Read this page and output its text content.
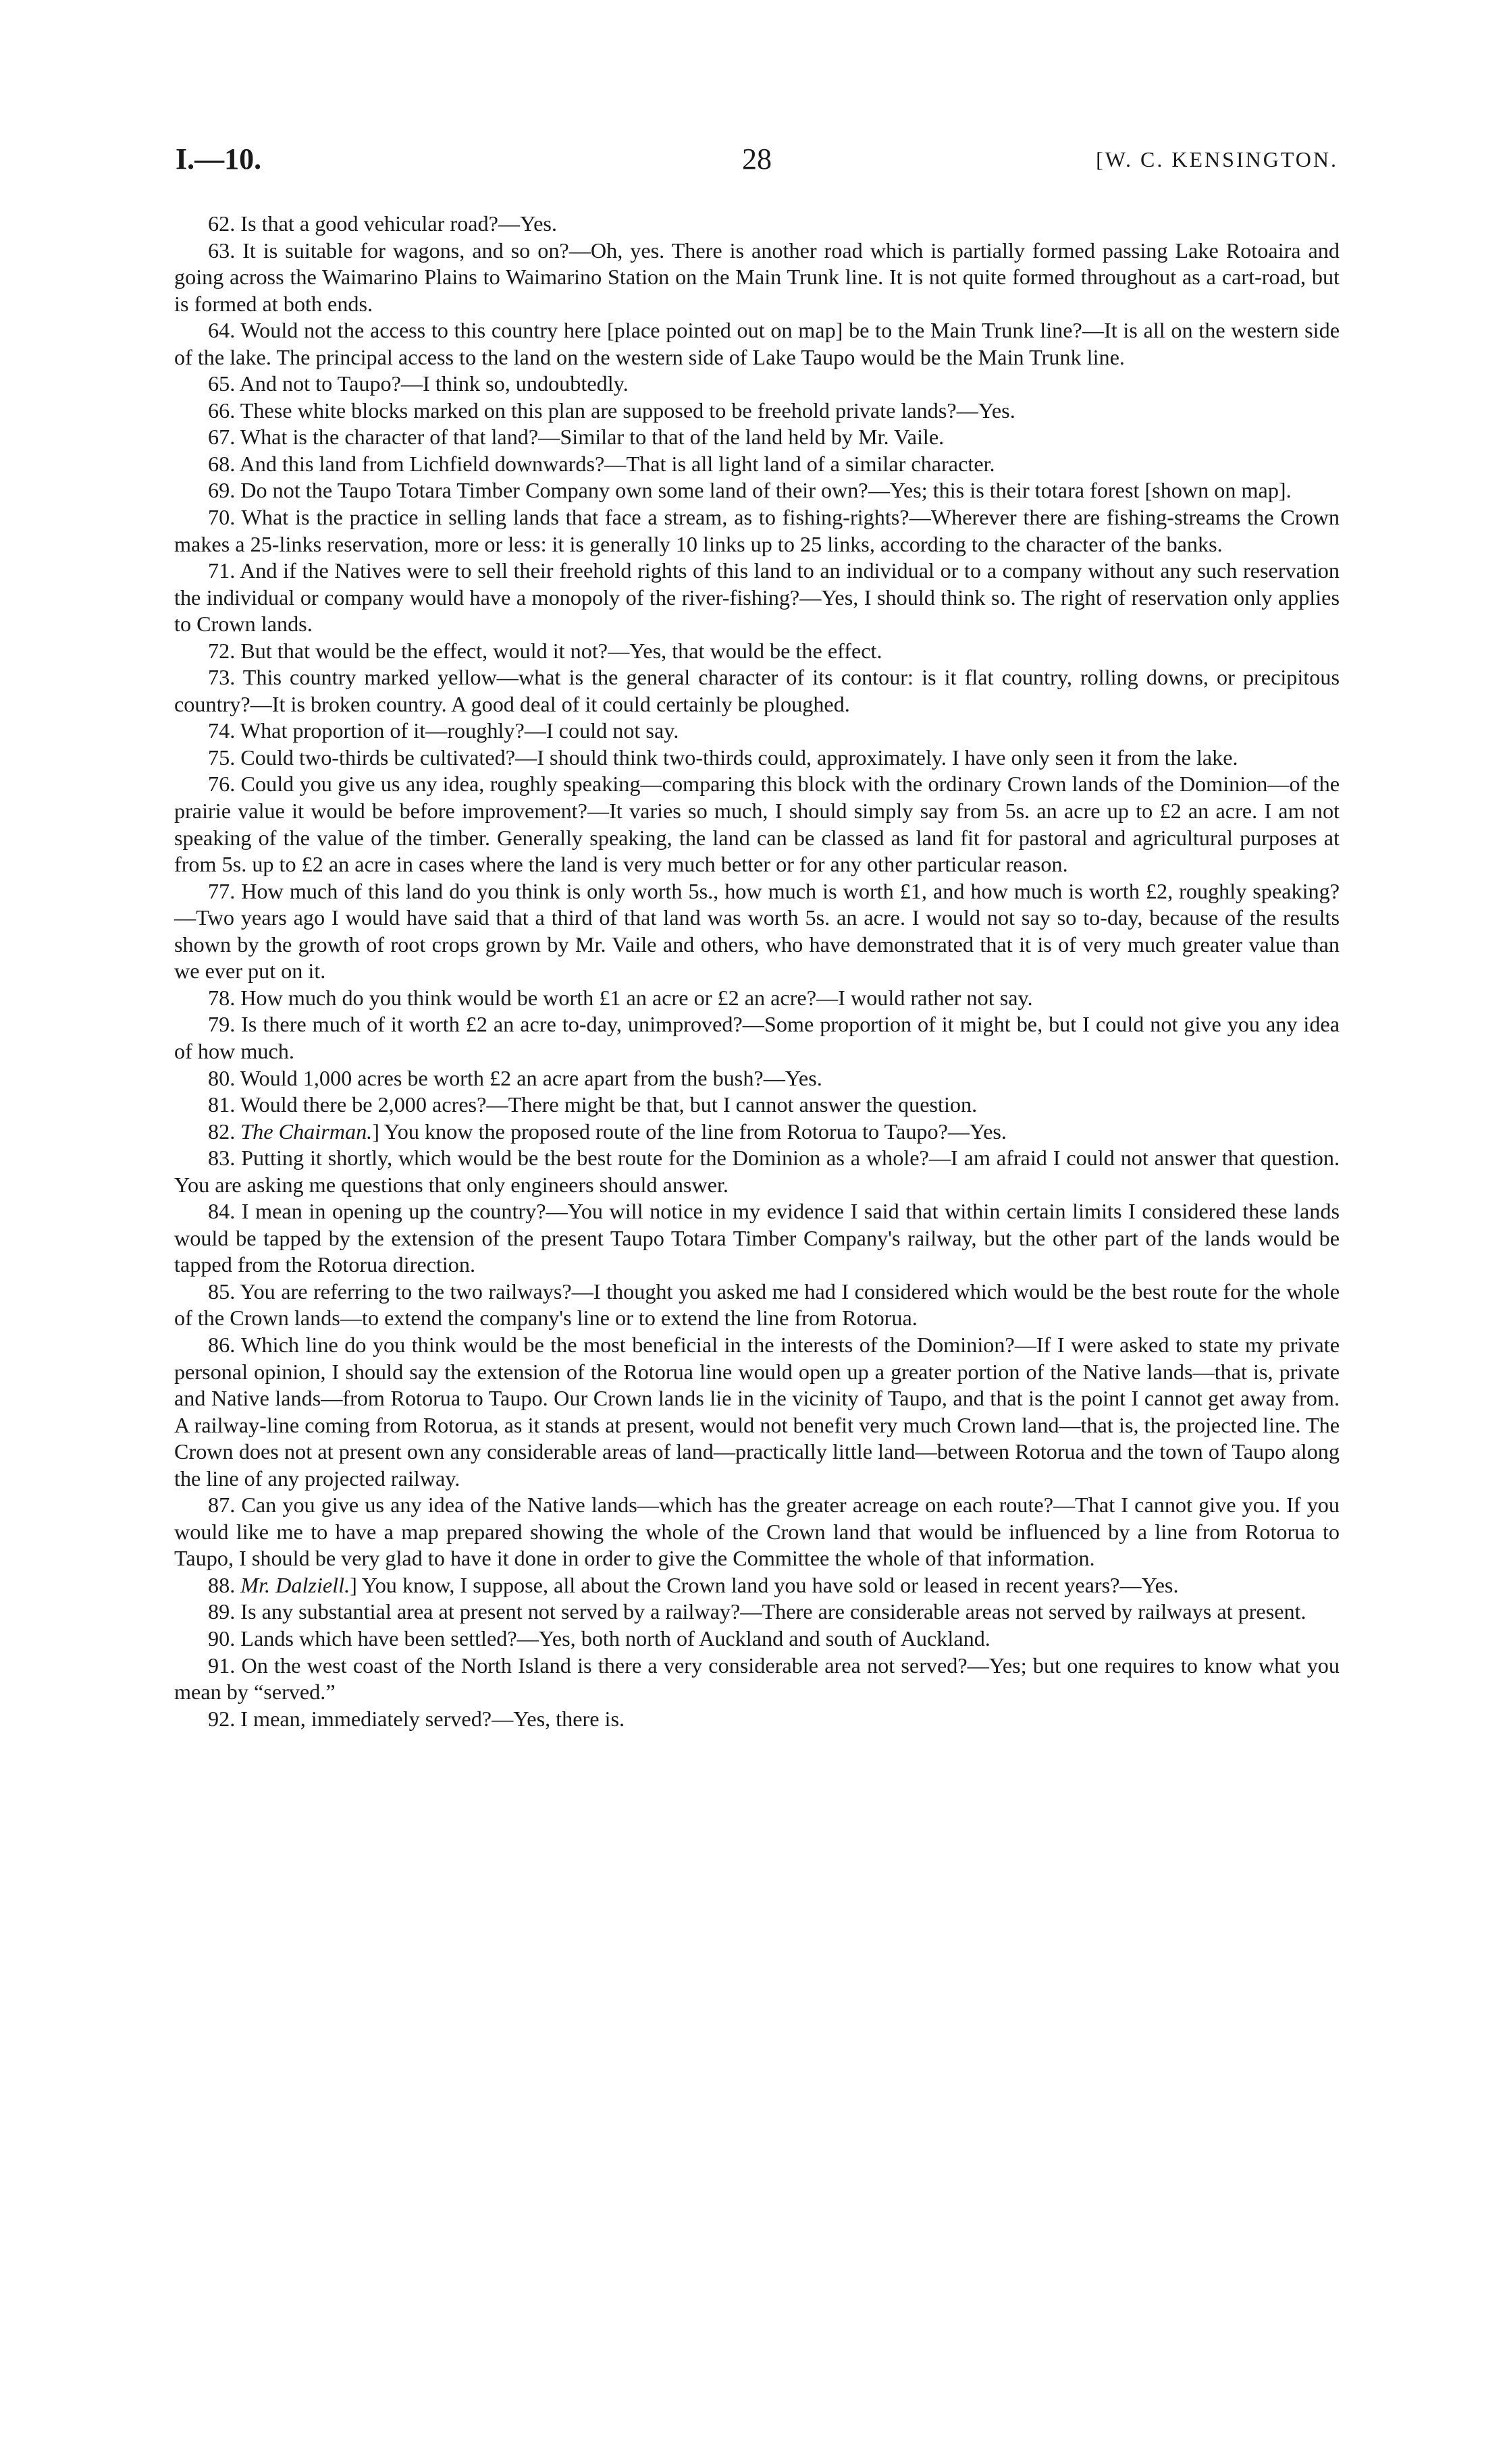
I.—10.	28	[W. C. KENSINGTON.

62. Is that a good vehicular road?—Yes.

63. It is suitable for wagons, and so on?—Oh, yes. There is another road which is partially formed passing Lake Rotoaira and going across the Waimarino Plains to Waimarino Station on the Main Trunk line. It is not quite formed throughout as a cart-road, but is formed at both ends.

64. Would not the access to this country here [place pointed out on map] be to the Main Trunk line?—It is all on the western side of the lake. The principal access to the land on the western side of Lake Taupo would be the Main Trunk line.

65. And not to Taupo?—I think so, undoubtedly.

66. These white blocks marked on this plan are supposed to be freehold private lands?—Yes.

67. What is the character of that land?—Similar to that of the land held by Mr. Vaile.

68. And this land from Lichfield downwards?—That is all light land of a similar character.

69. Do not the Taupo Totara Timber Company own some land of their own?—Yes; this is their totara forest [shown on map].

70. What is the practice in selling lands that face a stream, as to fishing-rights?—Wherever there are fishing-streams the Crown makes a 25-links reservation, more or less: it is generally 10 links up to 25 links, according to the character of the banks.

71. And if the Natives were to sell their freehold rights of this land to an individual or to a company without any such reservation the individual or company would have a monopoly of the river-fishing?—Yes, I should think so. The right of reservation only applies to Crown lands.

72. But that would be the effect, would it not?—Yes, that would be the effect.

73. This country marked yellow—what is the general character of its contour: is it flat country, rolling downs, or precipitous country?—It is broken country. A good deal of it could certainly be ploughed.

74. What proportion of it—roughly?—I could not say.

75. Could two-thirds be cultivated?—I should think two-thirds could, approximately. I have only seen it from the lake.

76. Could you give us any idea, roughly speaking—comparing this block with the ordinary Crown lands of the Dominion—of the prairie value it would be before improvement?—It varies so much, I should simply say from 5s. an acre up to £2 an acre. I am not speaking of the value of the timber. Generally speaking, the land can be classed as land fit for pastoral and agricultural purposes at from 5s. up to £2 an acre in cases where the land is very much better or for any other particular reason.

77. How much of this land do you think is only worth 5s., how much is worth £1, and how much is worth £2, roughly speaking?—Two years ago I would have said that a third of that land was worth 5s. an acre. I would not say so to-day, because of the results shown by the growth of root crops grown by Mr. Vaile and others, who have demonstrated that it is of very much greater value than we ever put on it.

78. How much do you think would be worth £1 an acre or £2 an acre?—I would rather not say.

79. Is there much of it worth £2 an acre to-day, unimproved?—Some proportion of it might be, but I could not give you any idea of how much.

80. Would 1,000 acres be worth £2 an acre apart from the bush?—Yes.

81. Would there be 2,000 acres?—There might be that, but I cannot answer the question.

82. The Chairman.] You know the proposed route of the line from Rotorua to Taupo?—Yes.

83. Putting it shortly, which would be the best route for the Dominion as a whole?—I am afraid I could not answer that question. You are asking me questions that only engineers should answer.

84. I mean in opening up the country?—You will notice in my evidence I said that within certain limits I considered these lands would be tapped by the extension of the present Taupo Totara Timber Company's railway, but the other part of the lands would be tapped from the Rotorua direction.

85. You are referring to the two railways?—I thought you asked me had I considered which would be the best route for the whole of the Crown lands—to extend the company's line or to extend the line from Rotorua.

86. Which line do you think would be the most beneficial in the interests of the Dominion?—If I were asked to state my private personal opinion, I should say the extension of the Rotorua line would open up a greater portion of the Native lands—that is, private and Native lands—from Rotorua to Taupo. Our Crown lands lie in the vicinity of Taupo, and that is the point I cannot get away from. A railway-line coming from Rotorua, as it stands at present, would not benefit very much Crown land—that is, the projected line. The Crown does not at present own any considerable areas of land—practically little land—between Rotorua and the town of Taupo along the line of any projected railway.

87. Can you give us any idea of the Native lands—which has the greater acreage on each route?—That I cannot give you. If you would like me to have a map prepared showing the whole of the Crown land that would be influenced by a line from Rotorua to Taupo, I should be very glad to have it done in order to give the Committee the whole of that information.

88. Mr. Dalziell.] You know, I suppose, all about the Crown land you have sold or leased in recent years?—Yes.

89. Is any substantial area at present not served by a railway?—There are considerable areas not served by railways at present.

90. Lands which have been settled?—Yes, both north of Auckland and south of Auckland.

91. On the west coast of the North Island is there a very considerable area not served?—Yes; but one requires to know what you mean by “served.”

92. I mean, immediately served?—Yes, there is.
